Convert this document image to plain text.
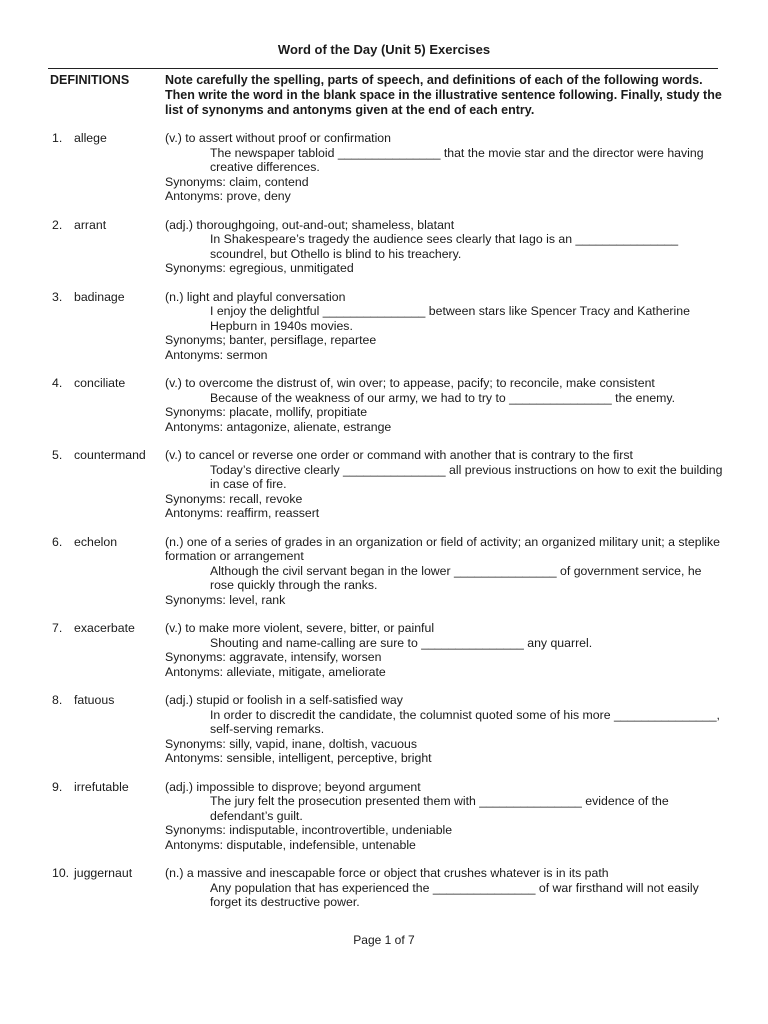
Word of the Day (Unit 5) Exercises
DEFINITIONS	Note carefully the spelling, parts of speech, and definitions of each of the following words. Then write the word in the blank space in the illustrative sentence following. Finally, study the list of synonyms and antonyms given at the end of each entry.
1. allege	(v.) to assert without proof or confirmation
The newspaper tabloid _______________ that the movie star and the director were having creative differences.
Synonyms: claim, contend
Antonyms: prove, deny
2. arrant	(adj.) thoroughgoing, out-and-out; shameless, blatant
In Shakespeare’s tragedy the audience sees clearly that Iago is an _______________ scoundrel, but Othello is blind to his treachery.
Synonyms: egregious, unmitigated
3. badinage	(n.) light and playful conversation
I enjoy the delightful _______________ between stars like Spencer Tracy and Katherine Hepburn in 1940s movies.
Synonyms; banter, persiflage, repartee
Antonyms: sermon
4. conciliate	(v.) to overcome the distrust of, win over; to appease, pacify; to reconcile, make consistent
Because of the weakness of our army, we had to try to _______________ the enemy.
Synonyms: placate, mollify, propitiate
Antonyms: antagonize, alienate, estrange
5. countermand (v.) to cancel or reverse one order or command with another that is contrary to the first
Today’s directive clearly _______________ all previous instructions on how to exit the building in case of fire.
Synonyms: recall, revoke
Antonyms: reaffirm, reassert
6. echelon	(n.) one of a series of grades in an organization or field of activity; an organized military unit; a steplike formation or arrangement
Although the civil servant began in the lower _______________ of government service, he rose quickly through the ranks.
Synonyms: level, rank
7. exacerbate (v.) to make more violent, severe, bitter, or painful
Shouting and name-calling are sure to _______________ any quarrel.
Synonyms: aggravate, intensify, worsen
Antonyms: alleviate, mitigate, ameliorate
8. fatuous	(adj.) stupid or foolish in a self-satisfied way
In order to discredit the candidate, the columnist quoted some of his more _______________, self-serving remarks.
Synonyms: silly, vapid, inane, doltish, vacuous
Antonyms: sensible, intelligent, perceptive, bright
9. irrefutable	(adj.) impossible to disprove; beyond argument
The jury felt the prosecution presented them with _______________ evidence of the defendant’s guilt.
Synonyms: indisputable, incontrovertible, undeniable
Antonyms: disputable, indefensible, untenable
10. juggernaut	(n.) a massive and inescapable force or object that crushes whatever is in its path
Any population that has experienced the _______________ of war firsthand will not easily forget its destructive power.
Page 1 of 7
